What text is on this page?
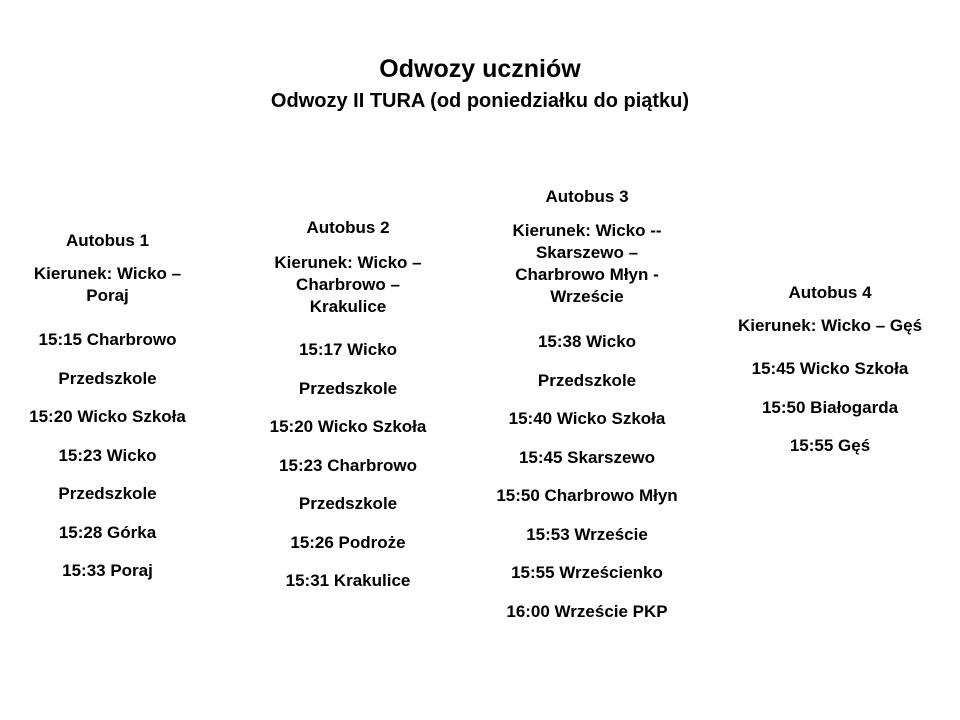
Odwozy uczniów
Odwozy II TURA (od poniedziałku do piątku)

Autobus 1

Kierunek: Wicko –
Poraj

15:15 Charbrowo
Przedszkole
15:20 Wicko Szkoła
15:23 Wicko
Przedszkole
15:28 Górka
15:33 Poraj

Autobus 2

Kierunek: Wicko –
Charbrowo –
Krakulice

15:17 Wicko
Przedszkole
15:20 Wicko Szkoła
15:23 Charbrowo
Przedszkole
15:26 Podroże
15:31 Krakulice

Autobus 3

Kierunek: Wicko --
Skarszewo –
Charbrowo Młyn -
Wrzeście

15:38 Wicko
Przedszkole
15:40 Wicko Szkoła
15:45 Skarszewo
15:50 Charbrowo Młyn
15:53 Wrzeście
15:55 Wrześcienko
16:00 Wrzeście PKP

Autobus 4

Kierunek: Wicko – Gęś

15:45 Wicko Szkoła
15:50 Białogarda
15:55 Gęś
